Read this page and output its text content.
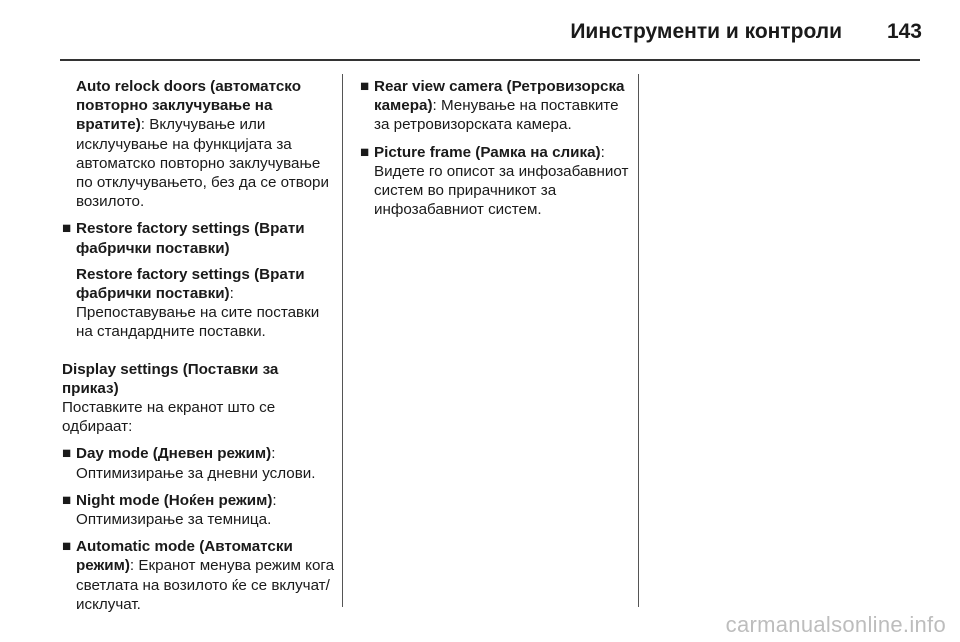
Иинструменти и контроли 143
Auto relock doors (автоматско повторно заклучување на вратите): Вклучување или исклучување на функцијата за автоматско повторно заклучување по отклучувањето, без да се отвори возилото.
■ Restore factory settings (Врати фабрички поставки)
Restore factory settings (Врати фабрички поставки): Препоставување на сите поставки на стандардните поставки.
Display settings (Поставки за приказ)
Поставките на екранот што се одбираат:
■ Day mode (Дневен режим): Оптимизирање за дневни услови.
■ Night mode (Ноќен режим): Оптимизирање за темница.
■ Automatic mode (Автоматски режим): Екранот менува режим кога светлата на возилото ќе се вклучат/исклучат.
■ Rear view camera (Ретровизорска камера): Менување на поставките за ретровизорската камера.
■ Picture frame (Рамка на слика): Видете го описот за инфозабавниот систем во прирачникот за инфозабавниот систем.
carmanualsonline.info
